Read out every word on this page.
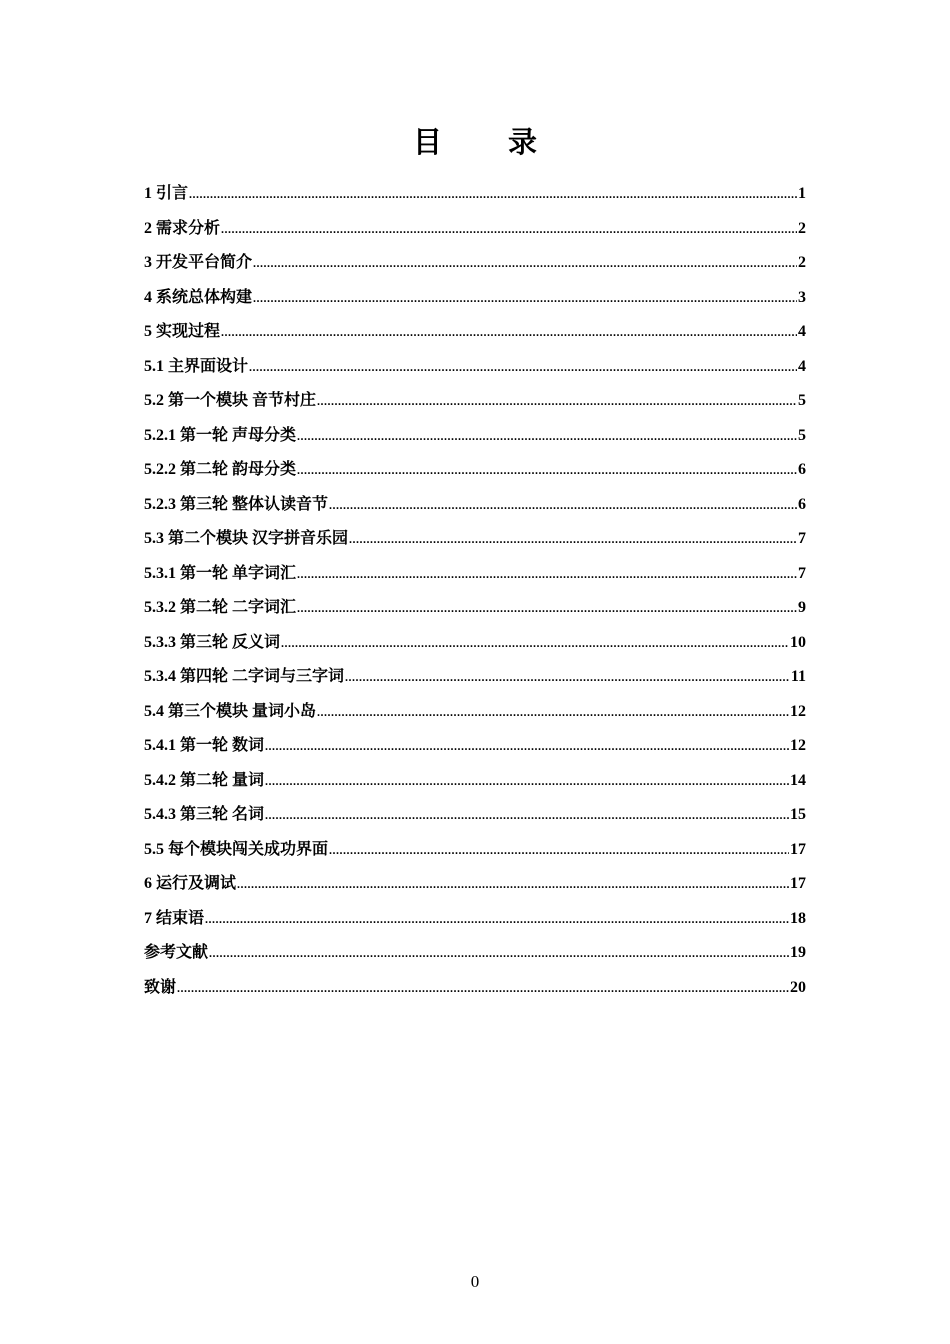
目 录
1 引言 .....	1
2 需求分析 .....	2
3 开发平台简介 .....	2
4 系统总体构建 .....	3
5 实现过程 .....	4
5.1 主界面设计 .....	4
5.2 第一个模块 音节村庄 .....	5
5.2.1 第一轮 声母分类 .....	5
5.2.2 第二轮 韵母分类 .....	6
5.2.3 第三轮 整体认读音节 .....	6
5.3 第二个模块 汉字拼音乐园 .....	7
5.3.1 第一轮 单字词汇 .....	7
5.3.2 第二轮 二字词汇 .....	9
5.3.3 第三轮 反义词 .....	10
5.3.4 第四轮 二字词与三字词 .....	11
5.4 第三个模块 量词小岛 .....	12
5.4.1 第一轮 数词 .....	12
5.4.2 第二轮 量词 .....	14
5.4.3 第三轮 名词 .....	15
5.5 每个模块闯关成功界面 .....	17
6 运行及调试 .....	17
7 结束语 .....	18
参考文献 .....	19
致谢 .....	20
0
